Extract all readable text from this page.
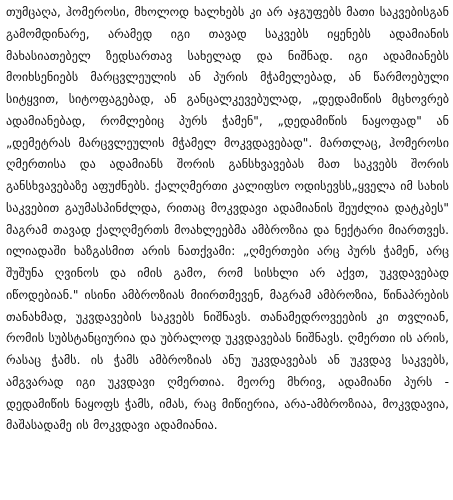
თუმცაღა, ჰომეროსი, მხოლოდ ხალხებს კი არ აჯგუფებს მათი საკვებისგან გამომდინარე, არამედ იგი თავად საკვებს იყენებს ადამიანის მახასიათებელ ზედსართავ სახელად და ნიშნად. იგი ადამიანებს მოიხსენიებს მარცვლეულის ან პურის მჭამელებად, ან წარმოებული სიტყვით, სიტოფაგებად, ან განცალკევებულად, „დედამიწის მცხოვრებ ადამიანებად, რომლებიც პურს ჭამენ", „დედამიწის ნაყოფად" ან „დემეტრას მარცვლეულის მჭამელ მოკვდავებად". მართლაც, ჰომეროსი ღმერთისა და ადამიანს შორის განსხვავებას მათ საკვებს შორის განსხვავებაზე აფუძნებს. ქალღმერთი კალიფსო ოდისევსს„ყველა იმ სახის საკვებით გაუმასპინძლდა, რითაც მოკვდავი ადამიანის შეუძლია დატკბეს" მაგრამ თავად ქალღმერთს მოახლეებმა ამბროზია და ნექტარი მიართვეს. ილიადაში ხაზგასმით არის ნათქვამი: „ღმერთები არც პურს ჭამენ, არც შუშუნა ღვინოს და იმის გამო, რომ სისხლი არ აქვთ, უკვდავებად იწოდებიან." ისინი ამბროზიას მიირთმევენ, მაგრამ ამბროზია, წინაპრების თანახმად, უკვდავების საკვებს ნიშნავს. თანამედროვეების კი თვლიან, რომის სუბსტანციურია და უბრალოდ უკვდავებას ნიშნავს. ღმერთი ის არის, რასაც ჭამს. ის ჭამს ამბროზიას ანუ უკვდავებას ან უკვდავ საკვებს, ამგვარად იგი უკვდავი ღმერთია. მეორე მხრივ, ადამიანი პურს - დედამიწის ნაყოფს ჭამს, იმას, რაც მიწიერია, არა-ამბროზიაა, მოკვდავია, მაშასადამე ის მოკვდავი ადამიანია.
